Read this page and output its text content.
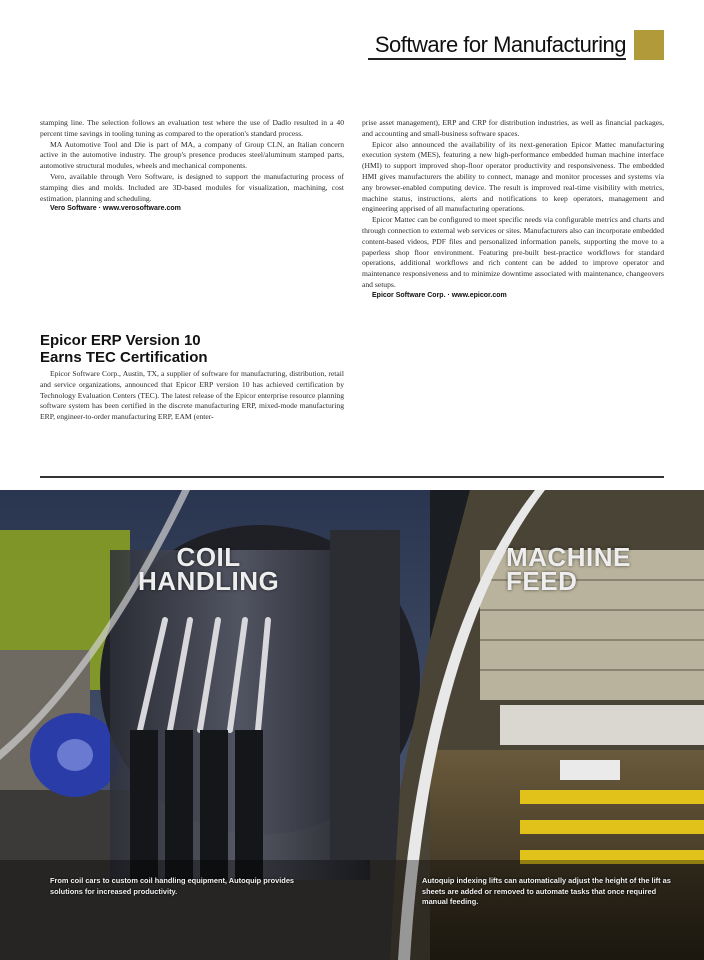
Software for Manufacturing

stamping line. The selection follows an evaluation test where the use of Dadlo resulted in a 40 percent time savings in tooling tuning as compared to the operation's standard process.

MA Automotive Tool and Die is part of MA, a company of Group CLN, an Italian concern active in the automotive industry. The group's presence produces steel/aluminum stamped parts, automotive structural modules, wheels and mechanical components.

Vero, available through Vero Software, is designed to support the manufacturing process of stamping dies and molds. Included are 3D-based modules for visualization, machining, cost estimation, planning and scheduling.

Vero Software · www.verosoftware.com

Epicor ERP Version 10
Earns TEC Certification

Epicor Software Corp., Austin, TX, a supplier of software for manufacturing, distribution, retail and service organizations, announced that Epicor ERP version 10 has achieved certification by Technology Evaluation Centers (TEC). The latest release of the Epicor enterprise resource planning software system has been certified in the discrete manufacturing ERP, mixed-mode manufacturing ERP, engineer-to-order manufacturing ERP, EAM (enter-

prise asset management), ERP and CRP for distribution industries, as well as financial packages, and accounting and small-business software spaces.

Epicor also announced the availability of its next-generation Epicor Mattec manufacturing execution system (MES), featuring a new high-performance embedded human machine interface (HMI) to support improved shop-floor operator productivity and responsiveness. The embedded HMI gives manufacturers the ability to connect, manage and monitor processes and systems via any browser-enabled computing device. The result is improved real-time visibility with metrics, machine status, instructions, alerts and notifications to keep operators, management and engineering apprised of all manufacturing operations.

Epicor Mattec can be configured to meet specific needs via configurable metrics and charts and through connection to external web services or sites. Manufacturers also can incorporate embedded content-based videos, PDF files and personalized information panels, supporting the move to a paperless shop floor environment. Featuring pre-built best-practice workflows for standard operations, additional workflows and rich content can be added to improve operator and maintenance responsiveness and to minimize downtime associated with maintenance, changeovers and setups.

Epicor Software Corp. · www.epicor.com

COIL
HANDLING
MACHINE
FEED
From coil cars to custom coil handling equipment, Autoquip provides solutions for increased productivity.
Autoquip indexing lifts can automatically adjust the height of the lift as sheets are added or removed to automate tasks that once required manual feeding.
